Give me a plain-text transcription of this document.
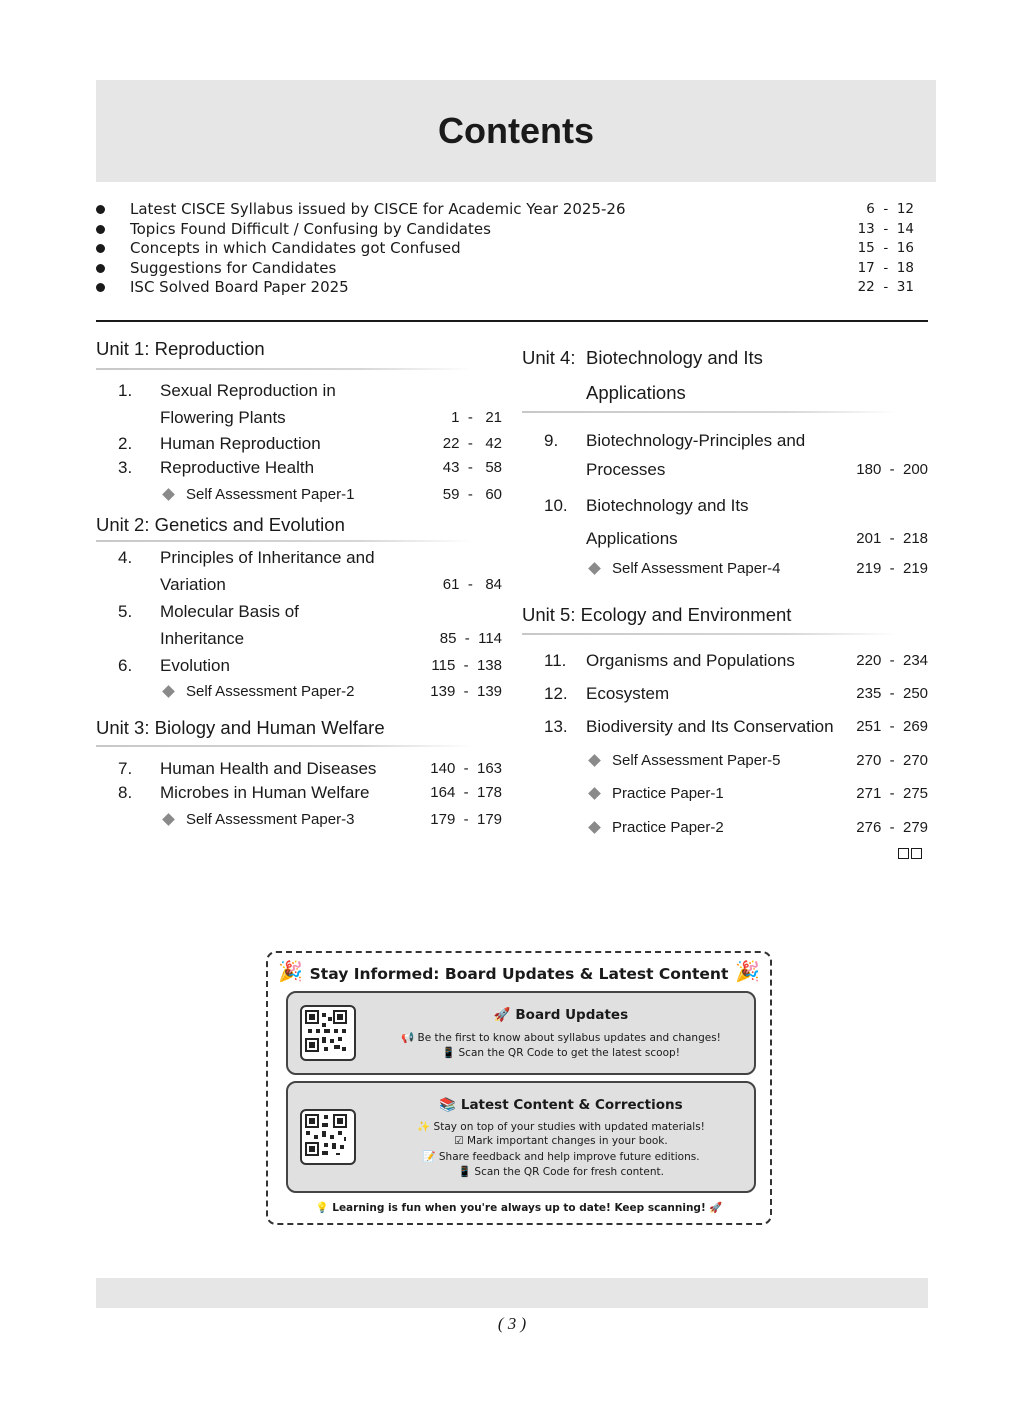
Contents
Latest CISCE Syllabus issued by CISCE for Academic Year 2025-26	6  -  12
Topics Found Difficult / Confusing by Candidates	13  -  14
Concepts in which Candidates got Confused	15  -  16
Suggestions for Candidates	17  -  18
ISC Solved Board Paper 2025	22  -  31
Unit 1: Reproduction
1. Sexual Reproduction in
Flowering Plants	1  -   21
2. Human Reproduction	22  -   42
3. Reproductive Health	43  -   58
Self Assessment Paper-1	59  -   60
Unit 2: Genetics and Evolution
4. Principles of Inheritance and
Variation	61  -   84
5. Molecular Basis of
Inheritance	85  -  114
6. Evolution	115  -  138
Self Assessment Paper-2	139  -  139
Unit 3: Biology and Human Welfare
7. Human Health and Diseases	140  -  163
8. Microbes in Human Welfare	164  -  178
Self Assessment Paper-3	179  -  179
Unit 4: Biotechnology and Its
Applications
9. Biotechnology-Principles and
Processes	180  -  200
10. Biotechnology and Its
Applications	201  -  218
Self Assessment Paper-4	219  -  219
Unit 5: Ecology and Environment
11. Organisms and Populations	220  -  234
12. Ecosystem	235  -  250
13. Biodiversity and Its Conservation 251  -  269
Self Assessment Paper-5	270  -  270
Practice Paper-1	271  -  275
Practice Paper-2	276  -  279
🎉 Stay Informed: Board Updates & Latest Content 🎉
🚀 Board Updates
📢 Be the first to know about syllabus updates and changes!
📱 Scan the QR Code to get the latest scoop!
📚 Latest Content & Corrections
✨ Stay on top of your studies with updated materials!
☑ Mark important changes in your book.
📝 Share feedback and help improve future editions.
📱 Scan the QR Code for fresh content.
💡 Learning is fun when you're always up to date! Keep scanning! 🚀
( 3 )
